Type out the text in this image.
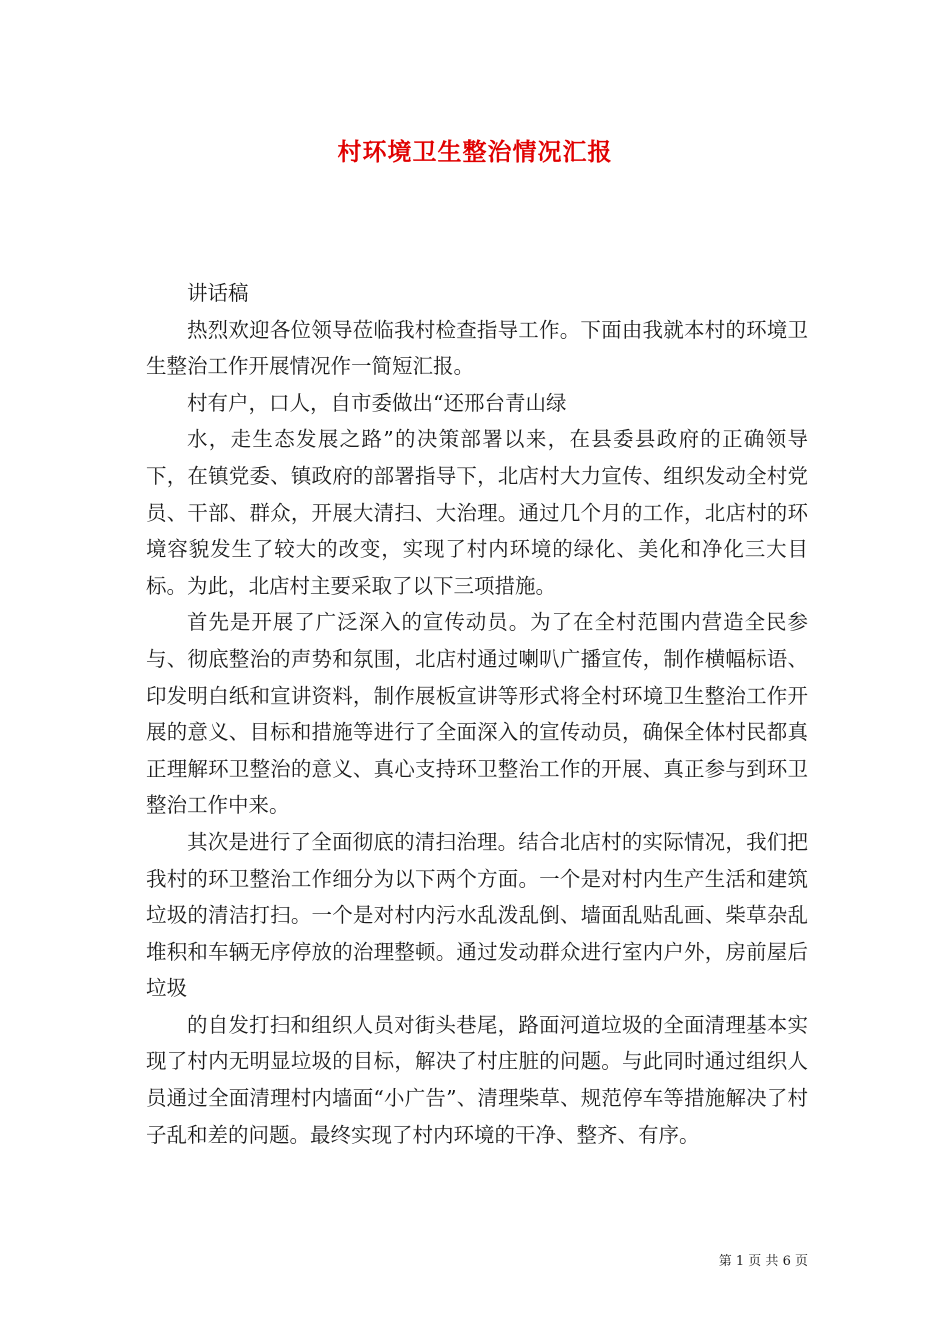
村环境卫生整治情况汇报

讲话稿

热烈欢迎各位领导莅临我村检查指导工作。下面由我就本村的环境卫生整治工作开展情况作一简短汇报。

村有户，口人，自市委做出“还邢台青山绿

水，走生态发展之路”的决策部署以来，在县委县政府的正确领导下，在镇党委、镇政府的部署指导下，北店村大力宣传、组织发动全村党员、干部、群众，开展大清扫、大治理。通过几个月的工作，北店村的环境容貌发生了较大的改变，实现了村内环境的绿化、美化和净化三大目标。为此，北店村主要采取了以下三项措施。

首先是开展了广泛深入的宣传动员。为了在全村范围内营造全民参与、彻底整治的声势和氛围，北店村通过喇叭广播宣传，制作横幅标语、印发明白纸和宣讲资料，制作展板宣讲等形式将全村环境卫生整治工作开展的意义、目标和措施等进行了全面深入的宣传动员，确保全体村民都真正理解环卫整治的意义、真心支持环卫整治工作的开展、真正参与到环卫整治工作中来。

其次是进行了全面彻底的清扫治理。结合北店村的实际情况，我们把我村的环卫整治工作细分为以下两个方面。一个是对村内生产生活和建筑垃圾的清洁打扫。一个是对村内污水乱泼乱倒、墙面乱贴乱画、柴草杂乱堆积和车辆无序停放的治理整顿。通过发动群众进行室内户外，房前屋后垃圾

的自发打扫和组织人员对街头巷尾，路面河道垃圾的全面清理基本实现了村内无明显垃圾的目标，解决了村庄脏的问题。与此同时通过组织人员通过全面清理村内墙面“小广告”、清理柴草、规范停车等措施解决了村子乱和差的问题。最终实现了村内环境的干净、整齐、有序。

第 1 页 共 6 页
